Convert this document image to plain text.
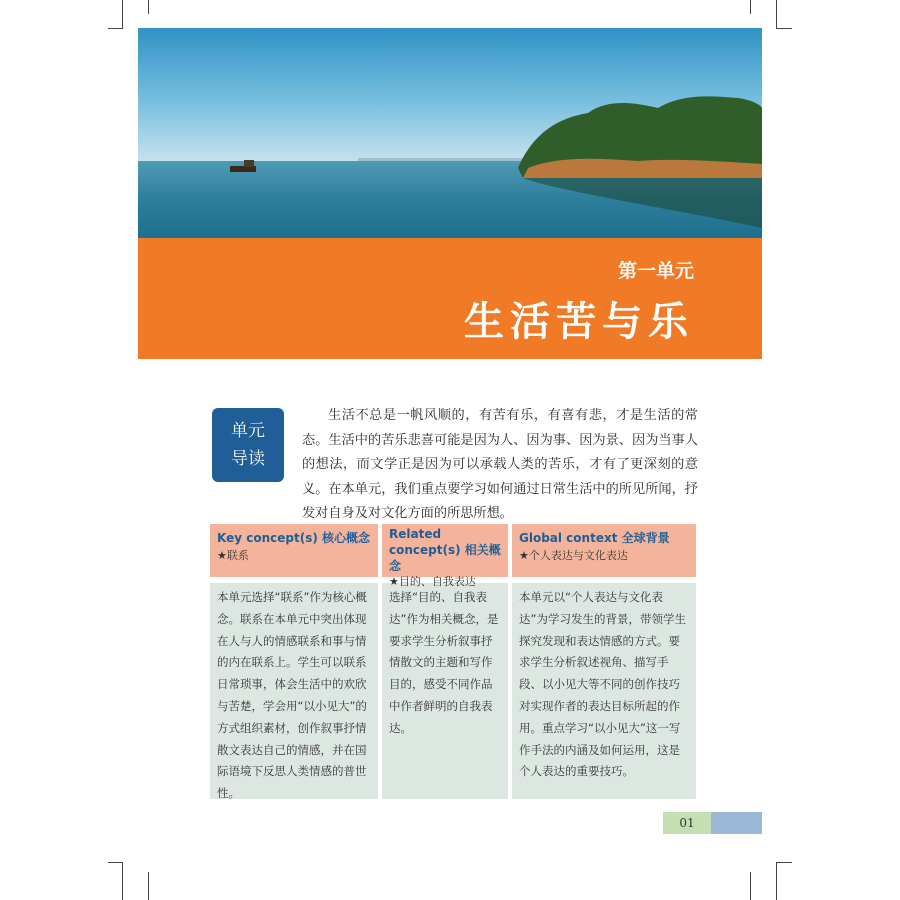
第一单元
生活苦与乐
单元
导读
生活不总是一帆风顺的，有苦有乐，有喜有悲，才是生活的常态。生活中的苦乐悲喜可能是因为人、因为事、因为景、因为当事人的想法，而文学正是因为可以承载人类的苦乐，才有了更深刻的意义。在本单元，我们重点要学习如何通过日常生活中的所见所闻，抒发对自身及对文化方面的所思所想。
Key concept(s) 核心概念
★联系
本单元选择“联系”作为核心概念。联系在本单元中突出体现在人与人的情感联系和事与情的内在联系上。学生可以联系日常琐事，体会生活中的欢欣与苦楚，学会用“以小见大”的方式组织素材，创作叙事抒情散文表达自己的情感，并在国际语境下反思人类情感的普世性。
Related concept(s) 相关概念
★目的、自我表达
选择“目的、自我表达”作为相关概念，是要求学生分析叙事抒情散文的主题和写作目的，感受不同作品中作者鲜明的自我表达。
Global context 全球背景
★个人表达与文化表达
本单元以“个人表达与文化表达”为学习发生的背景，带领学生探究发现和表达情感的方式。要求学生分析叙述视角、描写手段、以小见大等不同的创作技巧对实现作者的表达目标所起的作用。重点学习“以小见大”这一写作手法的内涵及如何运用，这是个人表达的重要技巧。
01
